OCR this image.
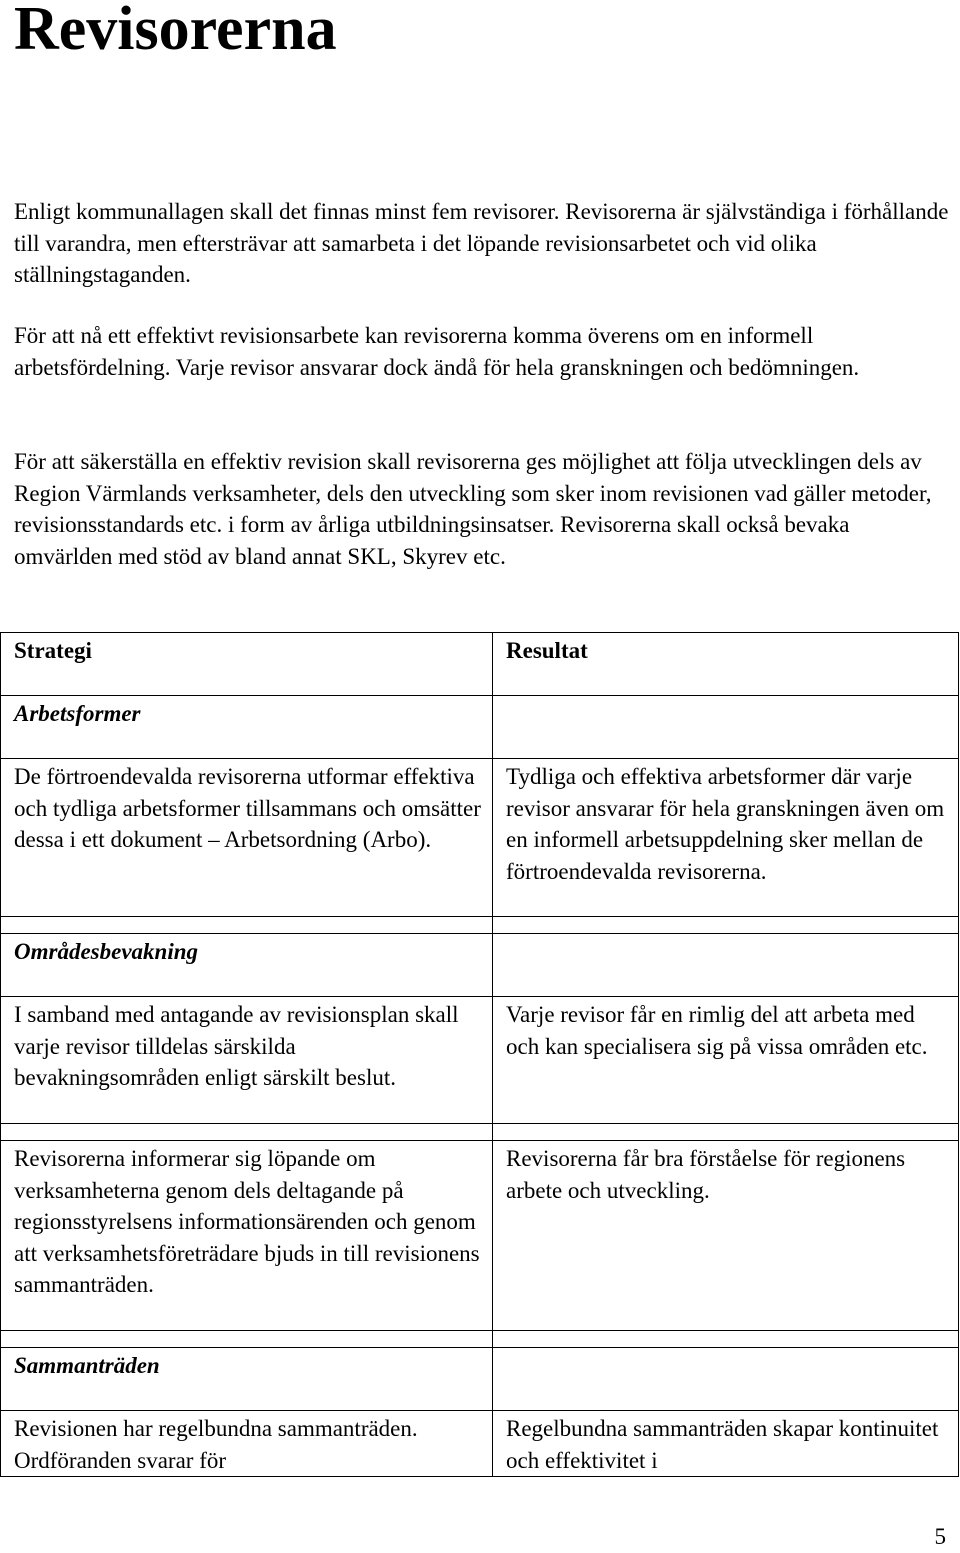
Revisorerna

Enligt kommunallagen skall det finnas minst fem revisorer. Revisorerna är självständiga i förhållande till varandra, men eftersträvar att samarbeta i det löpande revisionsarbetet och vid olika ställningstaganden.

För att nå ett effektivt revisionsarbete kan revisorerna komma överens om en informell arbetsfördelning. Varje revisor ansvarar dock ändå för hela granskningen och bedömningen.

För att säkerställa en effektiv revision skall revisorerna ges möjlighet att följa utvecklingen dels av Region Värmlands verksamheter, dels den utveckling som sker inom revisionen vad gäller metoder, revisionsstandards etc. i form av årliga utbildningsinsatser. Revisorerna skall också bevaka omvärlden med stöd av bland annat SKL, Skyrev etc.

Strategi	Resultat
Arbetsformer	
De förtroendevalda revisorerna utformar effektiva och tydliga arbetsformer tillsammans och omsätter dessa i ett dokument – Arbetsordning (Arbo).	Tydliga och effektiva arbetsformer där varje revisor ansvarar för hela granskningen även om en informell arbetsuppdelning sker mellan de förtroendevalda revisorerna.

Områdesbevakning	
I samband med antagande av revisionsplan skall varje revisor tilldelas särskilda bevakningsområden enligt särskilt beslut.	Varje revisor får en rimlig del att arbeta med och kan specialisera sig på vissa områden etc.

Revisorerna informerar sig löpande om verksamheterna genom dels deltagande på regionsstyrelsens informationsärenden och genom att verksamhetsföreträdare bjuds in till revisionens sammanträden.	Revisorerna får bra förståelse för regionens arbete och utveckling.

Sammanträden	
Revisionen har regelbundna sammanträden. Ordföranden svarar för	Regelbundna sammanträden skapar kontinuitet och effektivitet i
5
